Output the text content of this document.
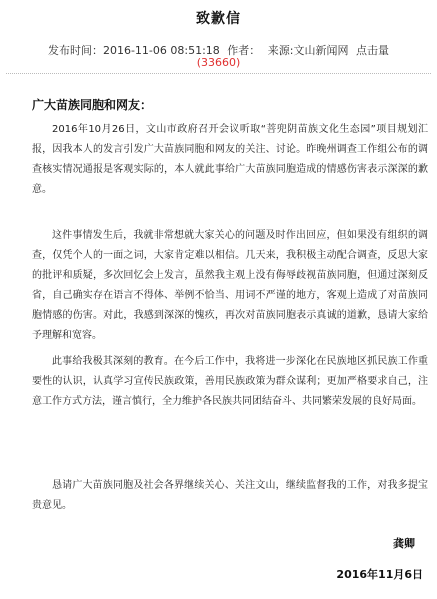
致歉信
发布时间：2016-11-06 08:51:18 作者： 来源:文山新闻网 点击量
(33660)
广大苗族同胞和网友：

2016年10月26日，文山市政府召开会议听取“菩兜阴苗族文化生态园”项目规划汇报，因我本人的发言引发广大苗族同胞和网友的关注、讨论。昨晚州调查工作组公布的调查核实情况通报是客观实际的，本人就此事给广大苗族同胞造成的情感伤害表示深深的歉意。

这件事情发生后，我就非常想就大家关心的问题及时作出回应，但如果没有组织的调查，仅凭个人的一面之词，大家肯定难以相信。几天来，我积极主动配合调查，反思大家的批评和质疑，多次回忆会上发言，虽然我主观上没有侮辱歧视苗族同胞，但通过深刻反省，自己确实存在语言不得体、举例不恰当、用词不严谨的地方，客观上造成了对苗族同胞情感的伤害。对此，我感到深深的愧疚，再次对苗族同胞表示真诚的道歉，恳请大家给予理解和宽容。

此事给我极其深刻的教育。在今后工作中，我将进一步深化在民族地区抓民族工作重要性的认识，认真学习宣传民族政策，善用民族政策为群众谋利；更加严格要求自己，注意工作方式方法，谨言慎行，全力维护各民族共同团结奋斗、共同繁荣发展的良好局面。

恳请广大苗族同胞及社会各界继续关心、关注文山，继续监督我的工作，对我多提宝贵意见。

龚卿
2016年11月6日
